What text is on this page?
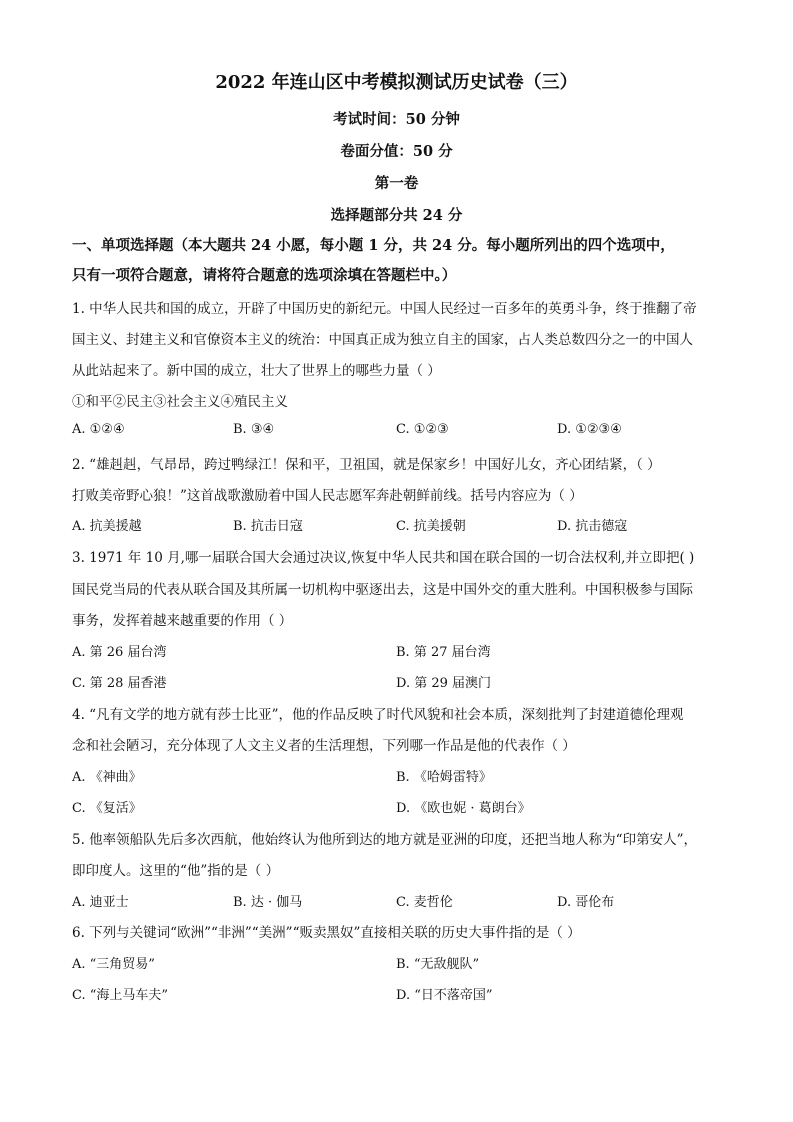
2022 年连山区中考模拟测试历史试卷（三）
考试时间：50 分钟
卷面分值：50 分
第一卷
选择题部分共 24 分
一、单项选择题（本大题共 24 小愿，每小题 1 分，共 24 分。每小题所列出的四个选项中，
只有一项符合题意，请将符合题意的选项涂填在答题栏中。）
1. 中华人民共和国的成立，开辟了中国历史的新纪元。中国人民经过一百多年的英勇斗争，终于推翻了帝
国主义、封建主义和官僚资本主义的统治：中国真正成为独立自主的国家，占人类总数四分之一的中国人
从此站起来了。新中国的成立，壮大了世界上的哪些力量（ ）
①和平②民主③社会主义④殖民主义
A. ①②④	B. ③④	C. ①②③	D. ①②③④
2. “雄赳赳，气昂昂，跨过鸭绿江！保和平，卫祖国，就是保家乡！中国好儿女，齐心团结紧，（ ）
打败美帝野心狼！”这首战歌激励着中国人民志愿军奔赴朝鲜前线。括号内容应为（ ）
A. 抗美援越	B. 抗击日寇	C. 抗美援朝	D. 抗击德寇
3. 1971 年 10 月,哪一届联合国大会通过决议,恢复中华人民共和国在联合国的一切合法权利,并立即把( )
国民党当局的代表从联合国及其所属一切机构中驱逐出去，这是中国外交的重大胜利。中国积极参与国际
事务，发挥着越来越重要的作用（ ）
A. 第 26 届台湾	B. 第 27 届台湾
C. 第 28 届香港	D. 第 29 届澳门
4. “凡有文学的地方就有莎士比亚”，他的作品反映了时代风貌和社会本质，深刻批判了封建道德伦理观
念和社会陋习，充分体现了人文主义者的生活理想，下列哪一作品是他的代表作（ ）
A. 《神曲》	B. 《哈姆雷特》
C. 《复活》	D. 《欧也妮 · 葛朗台》
5. 他率领船队先后多次西航，他始终认为他所到达的地方就是亚洲的印度，还把当地人称为“印第安人”，
即印度人。这里的“他”指的是（ ）
A. 迪亚士	B. 达 · 伽马	C. 麦哲伦	D. 哥伦布
6. 下列与关键词“欧洲”“非洲”“美洲”“贩卖黑奴”直接相关联的历史大事件指的是（ ）
A. “三角贸易”	B. “无敌舰队”
C. “海上马车夫”	D. “日不落帝国”
